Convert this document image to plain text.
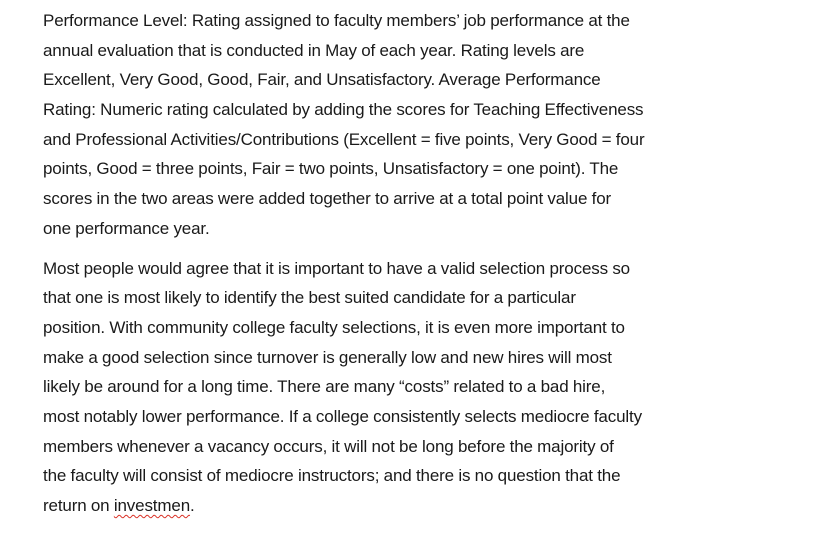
Performance Level: Rating assigned to faculty members’ job performance at the
annual evaluation that is conducted in May of each year. Rating levels are
Excellent, Very Good, Good, Fair, and Unsatisfactory. Average Performance
Rating: Numeric rating calculated by adding the scores for Teaching Effectiveness
and Professional Activities/Contributions (Excellent = five points, Very Good = four
points, Good = three points, Fair = two points, Unsatisfactory = one point). The
scores in the two areas were added together to arrive at a total point value for
one performance year.

Most people would agree that it is important to have a valid selection process so
that one is most likely to identify the best suited candidate for a particular
position. With community college faculty selections, it is even more important to
make a good selection since turnover is generally low and new hires will most
likely be around for a long time. There are many “costs” related to a bad hire,
most notably lower performance. If a college consistently selects mediocre faculty
members whenever a vacancy occurs, it will not be long before the majority of
the faculty will consist of mediocre instructors; and there is no question that the
return on investmen.
